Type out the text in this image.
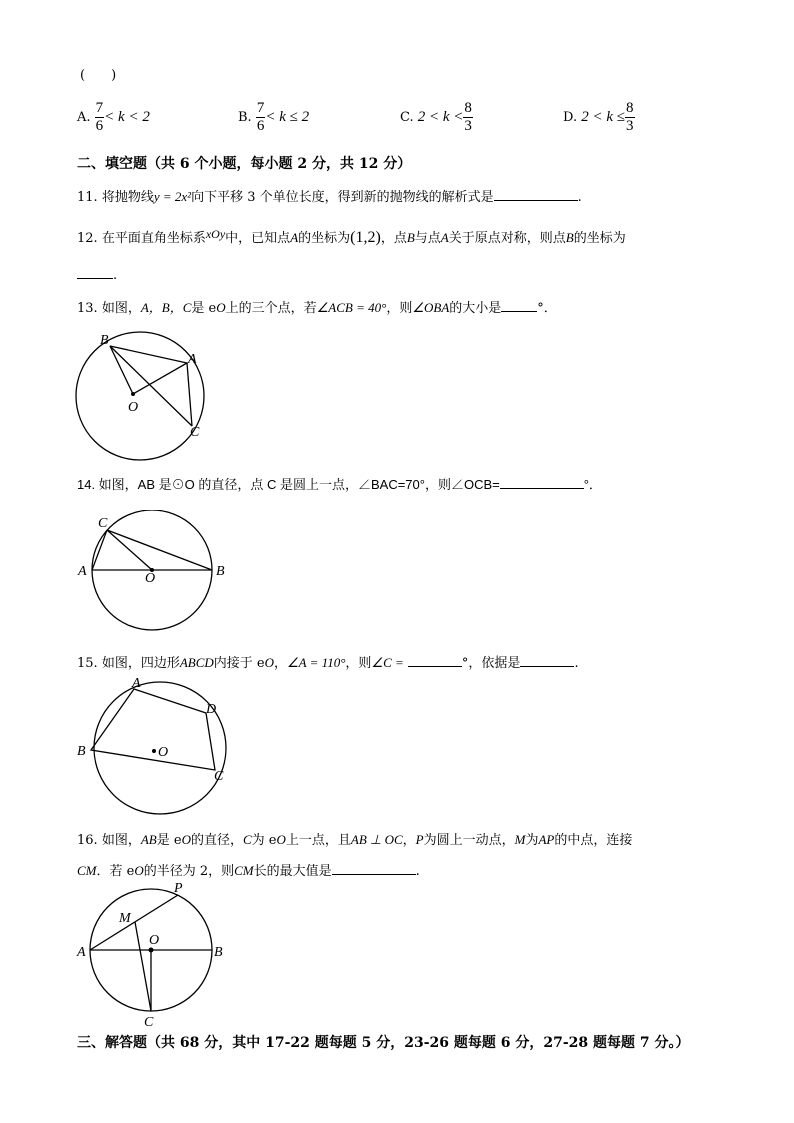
(　　)
A.
$\frac{7}{6} < k < 2$	B.
$\frac{7}{6} < k \le 2$	C.
$2 < k < \frac{8}{3}$	D.
$2 < k \le \frac{8}{3}$
二、填空题（共 6 个小题，每小题 2 分，共 12 分）
11. 将抛物线y = 2x²向下平移 3 个单位长度，得到新的抛物线的解析式是	.
12. 在平面直角坐标系xOy中，已知点A的坐标为(1,2)，点B与点A关于原点对称，则点B的坐标为
.
13. 如图，A，B，C是 eO上的三个点，若∠ACB = 40°，则∠OBA的大小是	°．
B
A
O
C
14. 如图，AB 是⊙O 的直径，点 C 是圆上一点，∠BAC=70°，则∠OCB=	°．
C
A	O	B
15. 如图，四边形ABCD内接于 eO，∠A = 110°，则∠C =	°，依据是	.
A
D
B	O
C
16. 如图，AB是 eO的直径，C为 eO上一点，且AB ⊥ OC，P为圆上一动点，M为AP的中点，连接
CM．若 eO的半径为 2，则CM长的最大值是	.
P
M
O
A	B
C
三、解答题（共 68 分，其中 17-22 题每题 5 分，23-26 题每题 6 分，27-28 题每题 7 分。）
